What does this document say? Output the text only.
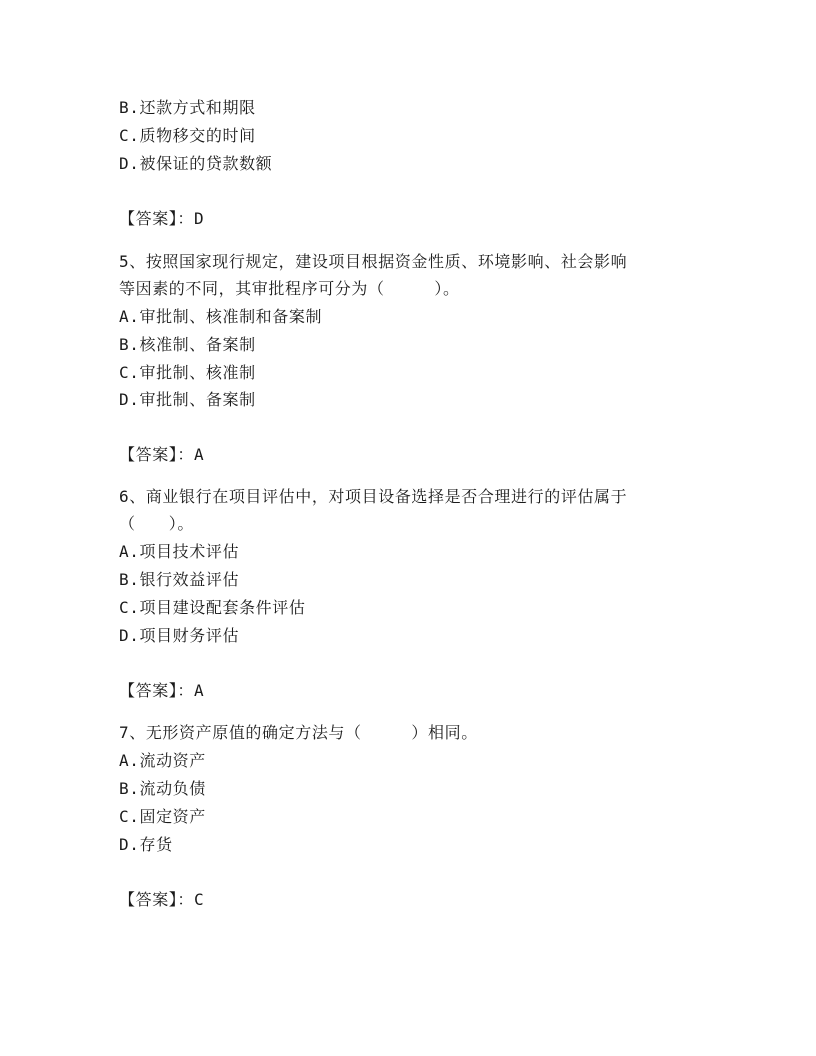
B.还款方式和期限
C.质物移交的时间
D.被保证的贷款数额
【答案】：D
5、按照国家现行规定，建设项目根据资金性质、环境影响、社会影响
等因素的不同，其审批程序可分为（　　　）。
A.审批制、核准制和备案制
B.核准制、备案制
C.审批制、核准制
D.审批制、备案制
【答案】：A
6、商业银行在项目评估中，对项目设备选择是否合理进行的评估属于
（　　）。
A.项目技术评估
B.银行效益评估
C.项目建设配套条件评估
D.项目财务评估
【答案】：A
7、无形资产原值的确定方法与（　　　）相同。
A.流动资产
B.流动负债
C.固定资产
D.存货
【答案】：C
